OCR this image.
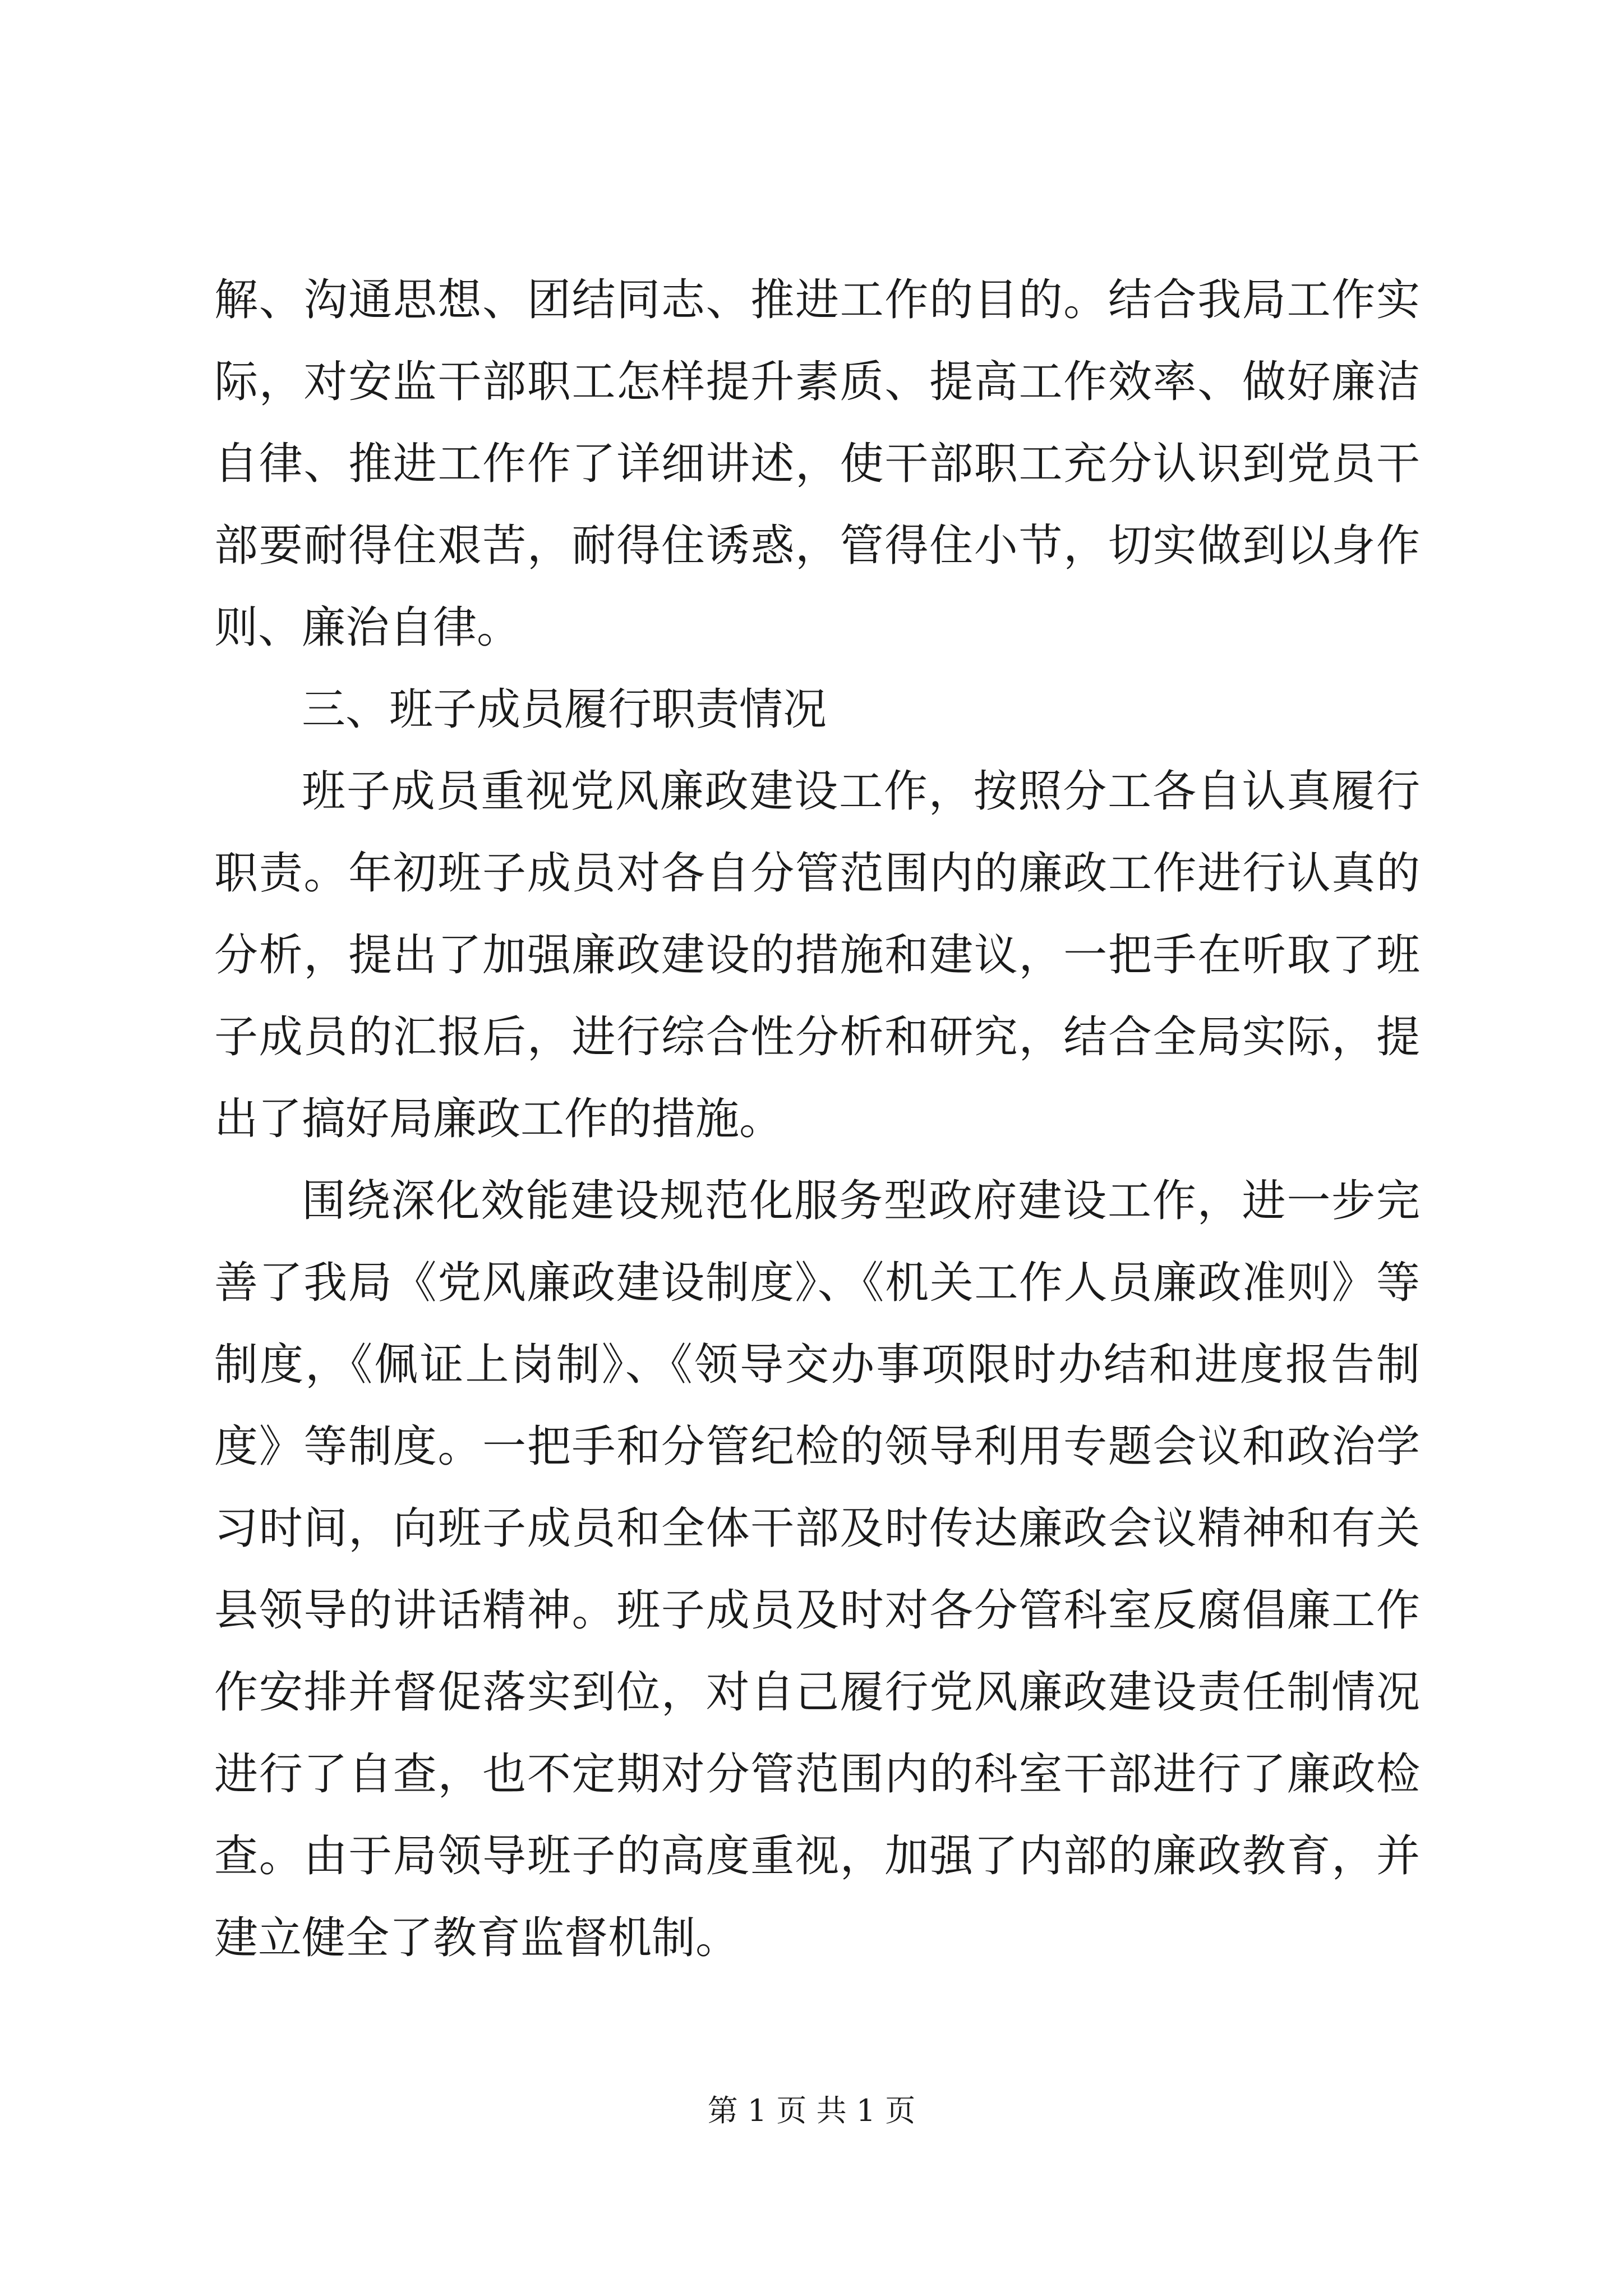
解、沟通思想、团结同志、推进工作的目的。结合我局工作实际，对安监干部职工怎样提升素质、提高工作效率、做好廉洁自律、推进工作作了详细讲述，使干部职工充分认识到党员干部要耐得住艰苦，耐得住诱惑，管得住小节，切实做到以身作则、廉治自律。

三、班子成员履行职责情况

班子成员重视党风廉政建设工作，按照分工各自认真履行职责。年初班子成员对各自分管范围内的廉政工作进行认真的分析，提出了加强廉政建设的措施和建议，一把手在听取了班子成员的汇报后，进行综合性分析和研究，结合全局实际，提出了搞好局廉政工作的措施。

围绕深化效能建设规范化服务型政府建设工作，进一步完善了我局《党风廉政建设制度》、《机关工作人员廉政准则》等制度，《佩证上岗制》、《领导交办事项限时办结和进度报告制度》等制度。一把手和分管纪检的领导利用专题会议和政治学习时间，向班子成员和全体干部及时传达廉政会议精神和有关县领导的讲话精神。班子成员及时对各分管科室反腐倡廉工作作安排并督促落实到位，对自己履行党风廉政建设责任制情况进行了自查，也不定期对分管范围内的科室干部进行了廉政检查。由于局领导班子的高度重视，加强了内部的廉政教育，并建立健全了教育监督机制。

第 1 页 共 1 页
